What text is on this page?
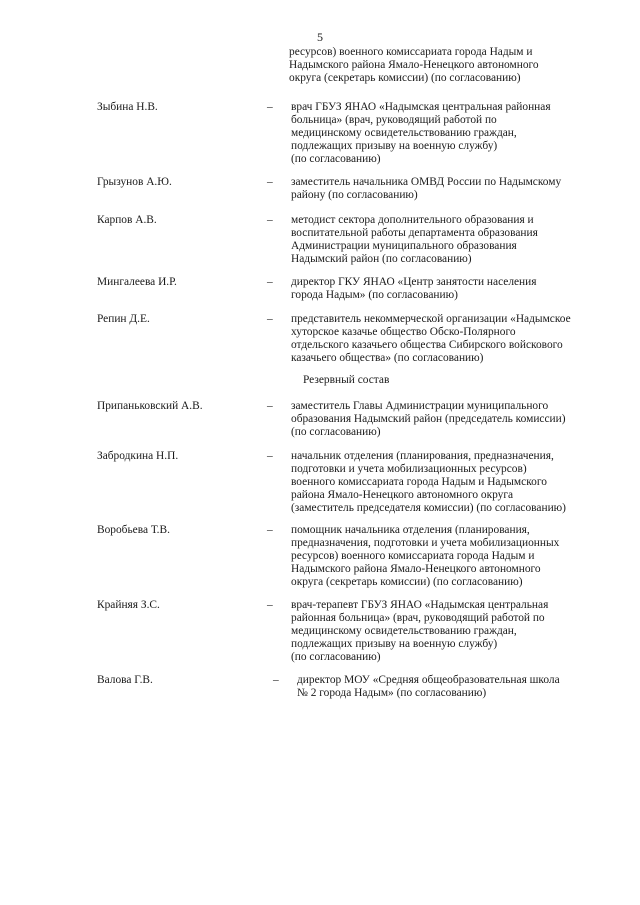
5
ресурсов) военного комиссариата города Надым и
Надымского района Ямало-Ненецкого автономного
округа (секретарь комиссии) (по согласованию)
Зыбина Н.В.	– врач ГБУЗ ЯНАО «Надымская центральная районная
больница» (врач, руководящий работой по
медицинскому освидетельствованию граждан,
подлежащих призыву на военную службу)
(по согласованию)
Грызунов А.Ю.	– заместитель начальника ОМВД России по Надымскому
району (по согласованию)
Карпов А.В.	– методист сектора дополнительного образования и
воспитательной работы департамента образования
Администрации муниципального образования
Надымский район (по согласованию)
Мингалеева И.Р.	– директор ГКУ ЯНАО «Центр занятости населения
города Надым» (по согласованию)
Репин Д.Е.	– представитель некоммерческой организации «Надымское
хуторское казачье общество Обско-Полярного
отдельского казачьего общества Сибирского войскового
казачьего общества» (по согласованию)
Резервный состав
Припаньковский А.В.	– заместитель Главы Администрации муниципального
образования Надымский район (председатель комиссии)
(по согласованию)
Забродкина Н.П.	– начальник отделения (планирования, предназначения,
подготовки и учета мобилизационных ресурсов)
военного комиссариата города Надым и Надымского
района Ямало-Ненецкого автономного округа
(заместитель председателя комиссии) (по согласованию)
Воробьева Т.В.	– помощник начальника отделения (планирования,
предназначения, подготовки и учета мобилизационных
ресурсов) военного комиссариата города Надым и
Надымского района Ямало-Ненецкого автономного
округа (секретарь комиссии) (по согласованию)
Крайняя З.С.	– врач-терапевт ГБУЗ ЯНАО «Надымская центральная
районная больница» (врач, руководящий работой по
медицинскому освидетельствованию граждан,
подлежащих призыву на военную службу)
(по согласованию)
Валова Г.В.	– директор МОУ «Средняя общеобразовательная школа
№ 2 города Надым» (по согласованию)
